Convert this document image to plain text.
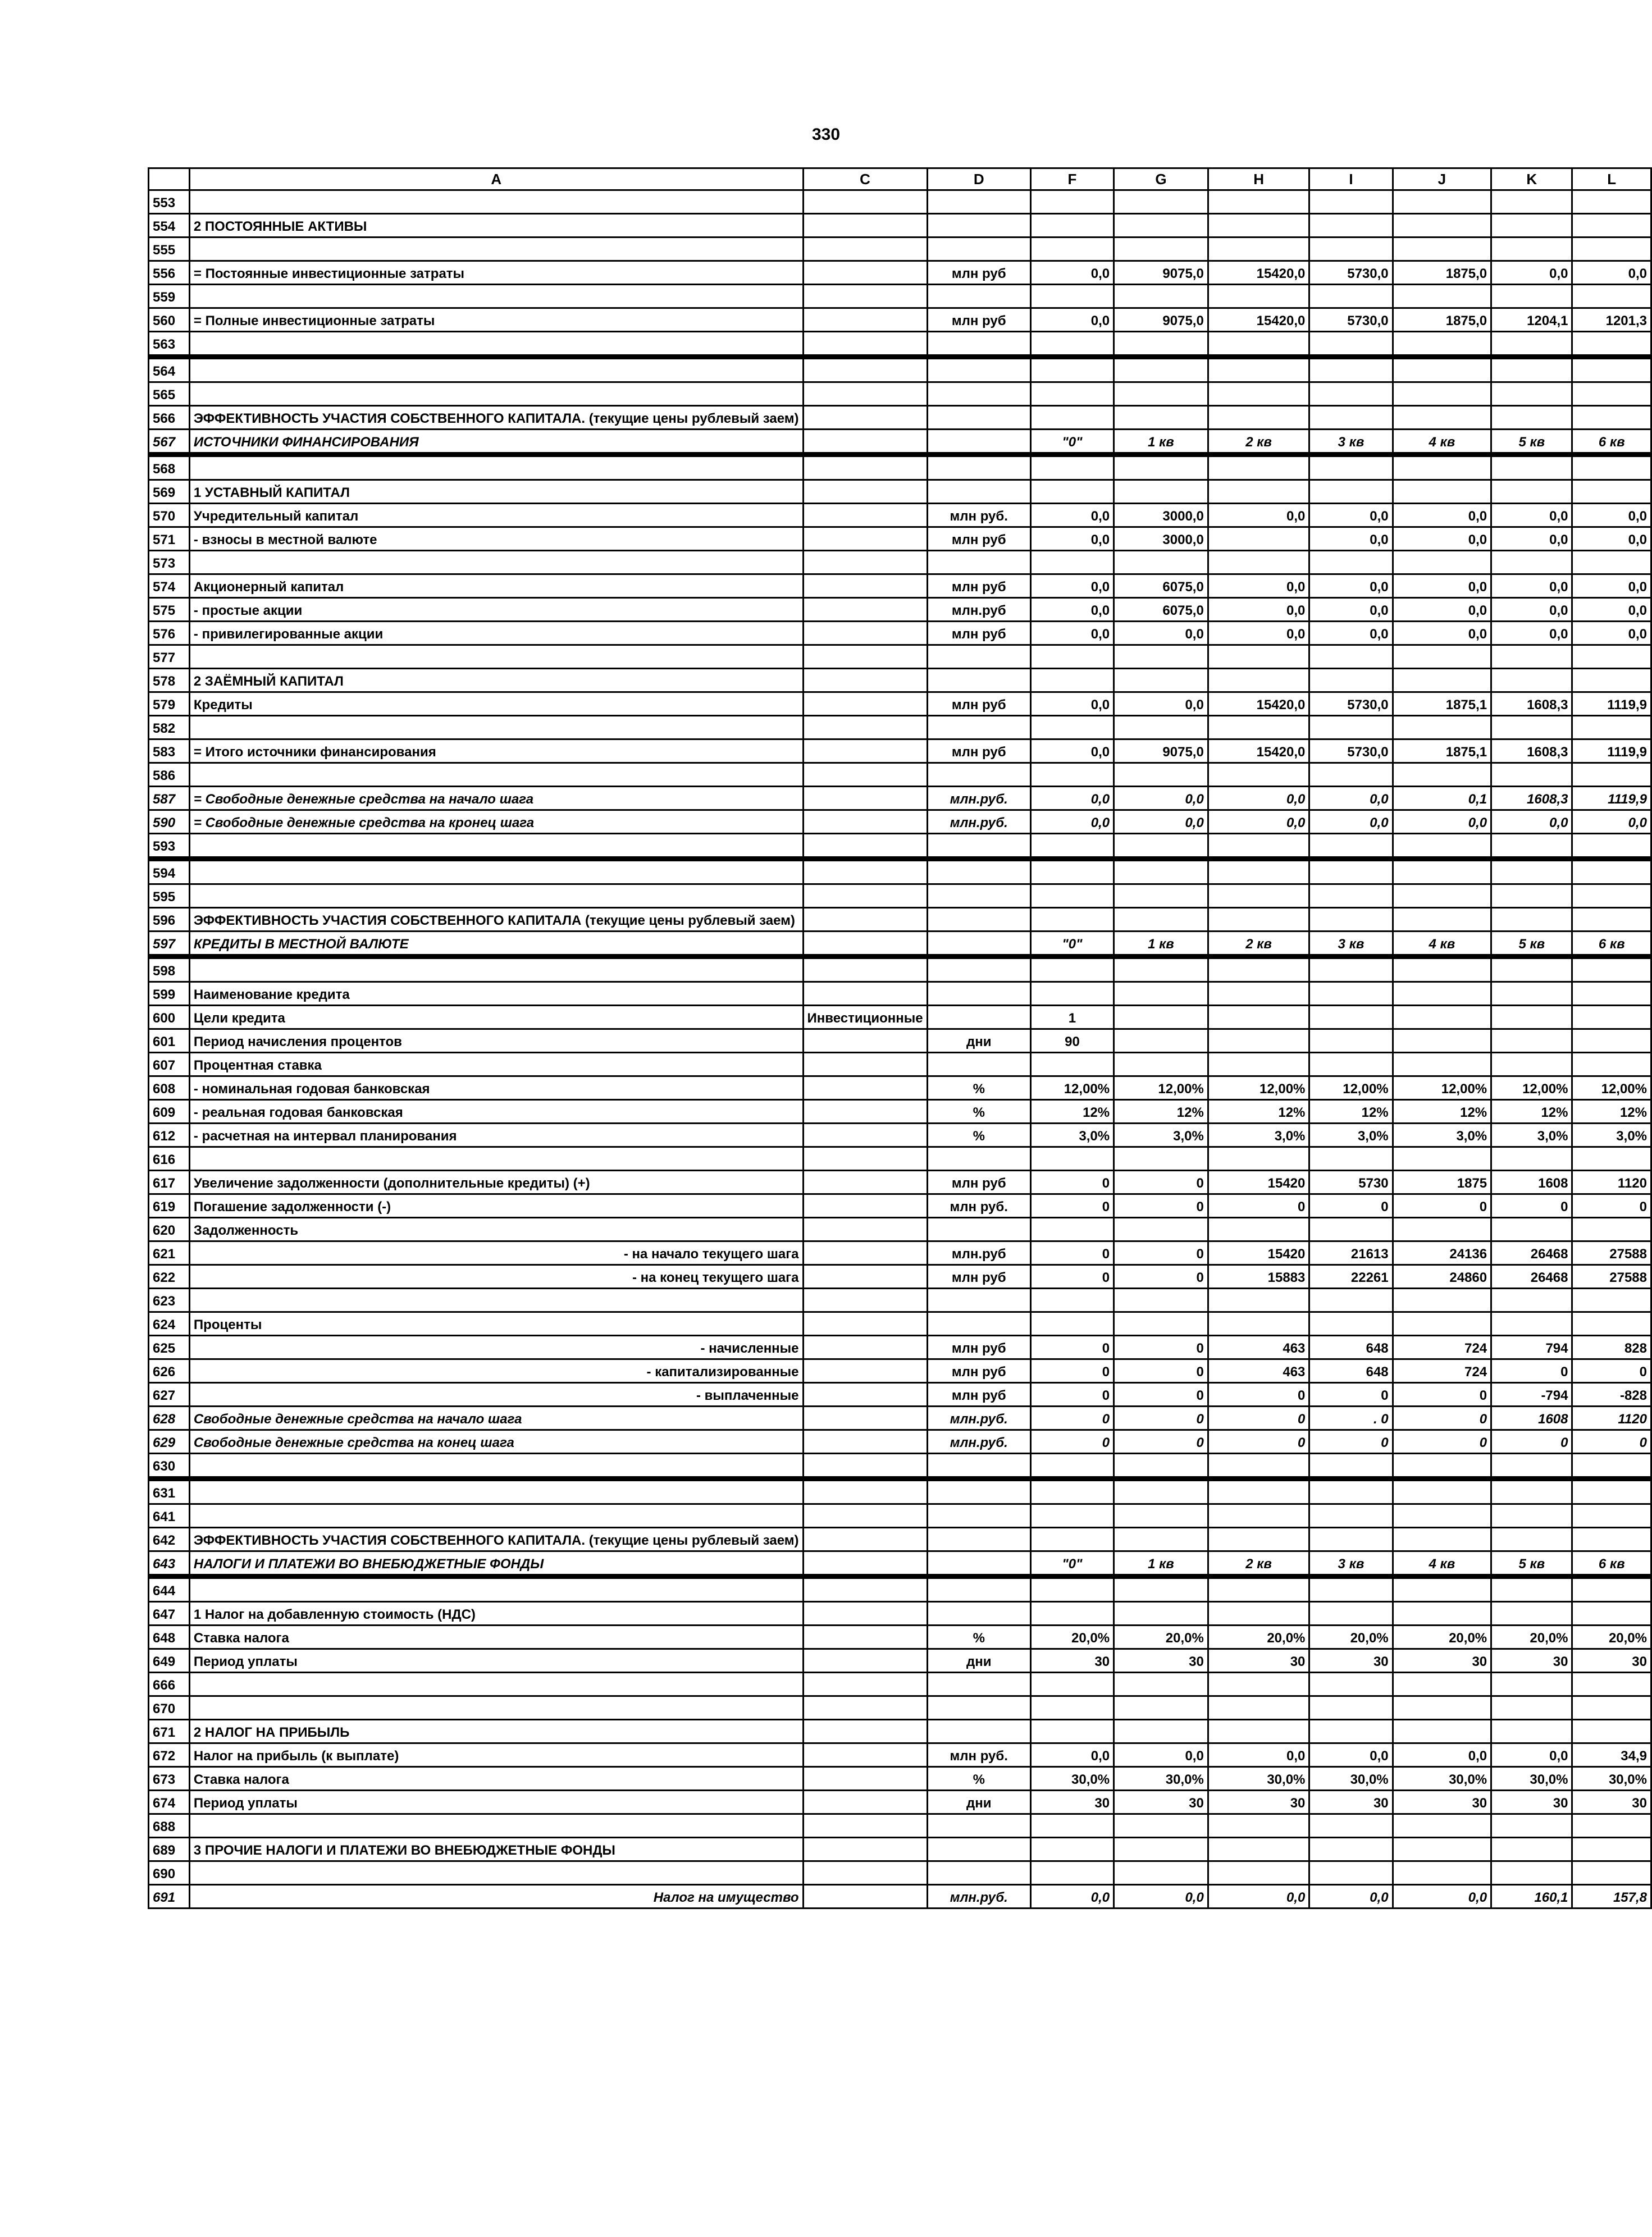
330
	A	C	D	F	G	H	I	J	K	L
553										
554	2 ПОСТОЯННЫЕ АКТИВЫ									
555										
556	= Постоянные инвестиционные затраты		млн руб	0,0	9075,0	15420,0	5730,0	1875,0	0,0	0,0
559										
560	= Полные инвестиционные затраты		млн руб	0,0	9075,0	15420,0	5730,0	1875,0	1204,1	1201,3
563										
564										
565										
566	ЭФФЕКТИВНОСТЬ УЧАСТИЯ СОБСТВЕННОГО КАПИТАЛА. (текущие цены рублевый заем)									
567	ИСТОЧНИКИ ФИНАНСИРОВАНИЯ			"0"	1 кв	2 кв	3 кв	4 кв	5 кв	6 кв
568										
569	1 УСТАВНЫЙ КАПИТАЛ									
570	Учредительный капитал		млн руб.	0,0	3000,0	0,0	0,0	0,0	0,0	0,0
571	- взносы в местной валюте		млн руб	0,0	3000,0		0,0	0,0	0,0	0,0
573										
574	Акционерный капитал		млн руб	0,0	6075,0	0,0	0,0	0,0	0,0	0,0
575	- простые акции		млн.руб	0,0	6075,0	0,0	0,0	0,0	0,0	0,0
576	- привилегированные акции		млн руб	0,0	0,0	0,0	0,0	0,0	0,0	0,0
577										
578	2 ЗАЁМНЫЙ КАПИТАЛ									
579	Кредиты		млн руб	0,0	0,0	15420,0	5730,0	1875,1	1608,3	1119,9
582										
583	= Итого источники финансирования		млн руб	0,0	9075,0	15420,0	5730,0	1875,1	1608,3	1119,9
586										
587	= Свободные денежные средства на начало шага		млн.руб.	0,0	0,0	0,0	0,0	0,1	1608,3	1119,9
590	= Свободные денежные средства на кронец шага		млн.руб.	0,0	0,0	0,0	0,0	0,0	0,0	0,0
593										
594										
595										
596	ЭФФЕКТИВНОСТЬ УЧАСТИЯ СОБСТВЕННОГО КАПИТАЛА (текущие цены рублевый заем)									
597	КРЕДИТЫ В МЕСТНОЙ ВАЛЮТЕ			"0"	1 кв	2 кв	3 кв	4 кв	5 кв	6 кв
598										
599	Наименование кредита									
600	Цели кредита	Инвестиционные		1						
601	Период начисления процентов		дни	90						
607	Процентная ставка									
608	- номинальная годовая банковская		%	12,00%	12,00%	12,00%	12,00%	12,00%	12,00%	12,00%
609	- реальная годовая банковская		%	12%	12%	12%	12%	12%	12%	12%
612	- расчетная на интервал планирования		%	3,0%	3,0%	3,0%	3,0%	3,0%	3,0%	3,0%
616										
617	Увеличение задолженности (дополнительные кредиты) (+)		млн руб	0	0	15420	5730	1875	1608	1120
619	Погашение задолженности (-)		млн руб.	0	0	0	0	0	0	0
620	Задолженность									
621	- на начало текущего шага		млн.руб	0	0	15420	21613	24136	26468	27588
622	- на конец текущего шага		млн руб	0	0	15883	22261	24860	26468	27588
623										
624	Проценты									
625	- начисленные		млн руб	0	0	463	648	724	794	828
626	- капитализированные		млн руб	0	0	463	648	724	0	0
627	- выплаченные		млн руб	0	0	0	0	0	-794	-828
628	Свободные денежные средства на начало шага		млн.руб.	0	0	0	. 0	0	1608	1120
629	Свободные денежные средства на конец шага		млн.руб.	0	0	0	0	0	0	0
630										
631										
641										
642	ЭФФЕКТИВНОСТЬ УЧАСТИЯ СОБСТВЕННОГО КАПИТАЛА. (текущие цены рублевый заем)									
643	НАЛОГИ И ПЛАТЕЖИ ВО ВНЕБЮДЖЕТНЫЕ ФОНДЫ			"0"	1 кв	2 кв	3 кв	4 кв	5 кв	6 кв
644										
647	1 Налог на добавленную стоимость (НДС)									
648	Ставка налога		%	20,0%	20,0%	20,0%	20,0%	20,0%	20,0%	20,0%
649	Период уплаты		дни	30	30	30	30	30	30	30
666										
670										
671	2 НАЛОГ НА ПРИБЫЛЬ									
672	Налог на прибыль (к выплате)		млн руб.	0,0	0,0	0,0	0,0	0,0	0,0	34,9
673	Ставка налога		%	30,0%	30,0%	30,0%	30,0%	30,0%	30,0%	30,0%
674	Период уплаты		дни	30	30	30	30	30	30	30
688										
689	3 ПРОЧИЕ НАЛОГИ И ПЛАТЕЖИ ВО ВНЕБЮДЖЕТНЫЕ ФОНДЫ									
690										
691	Налог на имущество		млн.руб.	0,0	0,0	0,0	0,0	0,0	160,1	157,8
